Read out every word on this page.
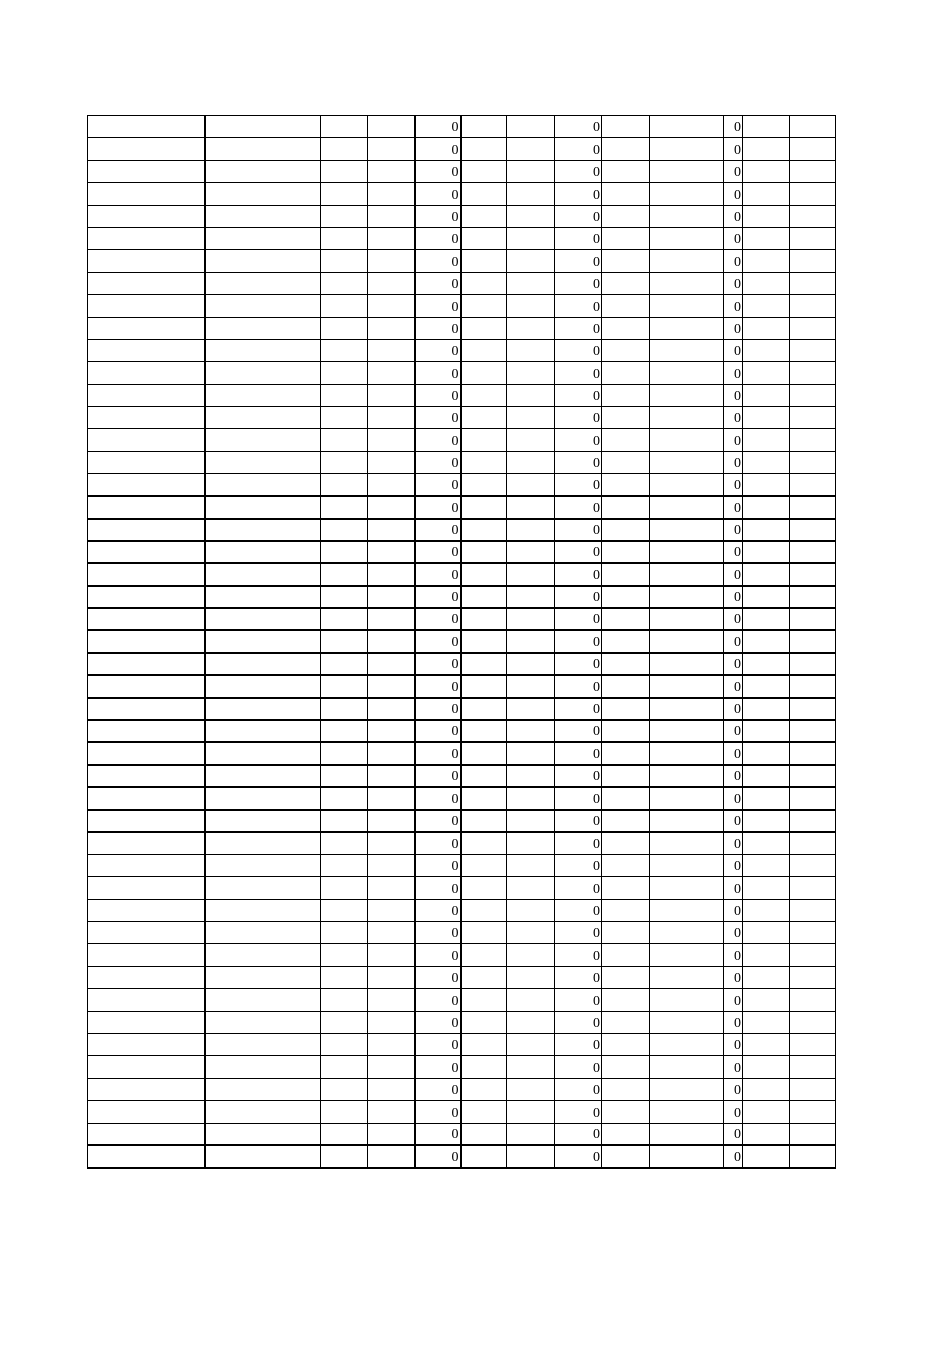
				0			0			0		
				0			0			0		
				0			0			0		
				0			0			0		
				0			0			0		
				0			0			0		
				0			0			0		
				0			0			0		
				0			0			0		
				0			0			0		
				0			0			0		
				0			0			0		
				0			0			0		
				0			0			0		
				0			0			0		
				0			0			0		
				0			0			0		
				0			0			0		
				0			0			0		
				0			0			0		
				0			0			0		
				0			0			0		
				0			0			0		
				0			0			0		
				0			0			0		
				0			0			0		
				0			0			0		
				0			0			0		
				0			0			0		
				0			0			0		
				0			0			0		
				0			0			0		
				0			0			0		
				0			0			0		
				0			0			0		
				0			0			0		
				0			0			0		
				0			0			0		
				0			0			0		
				0			0			0		
				0			0			0		
				0			0			0		
				0			0			0		
				0			0			0		
				0			0			0		
				0			0			0		
				0			0			0		
